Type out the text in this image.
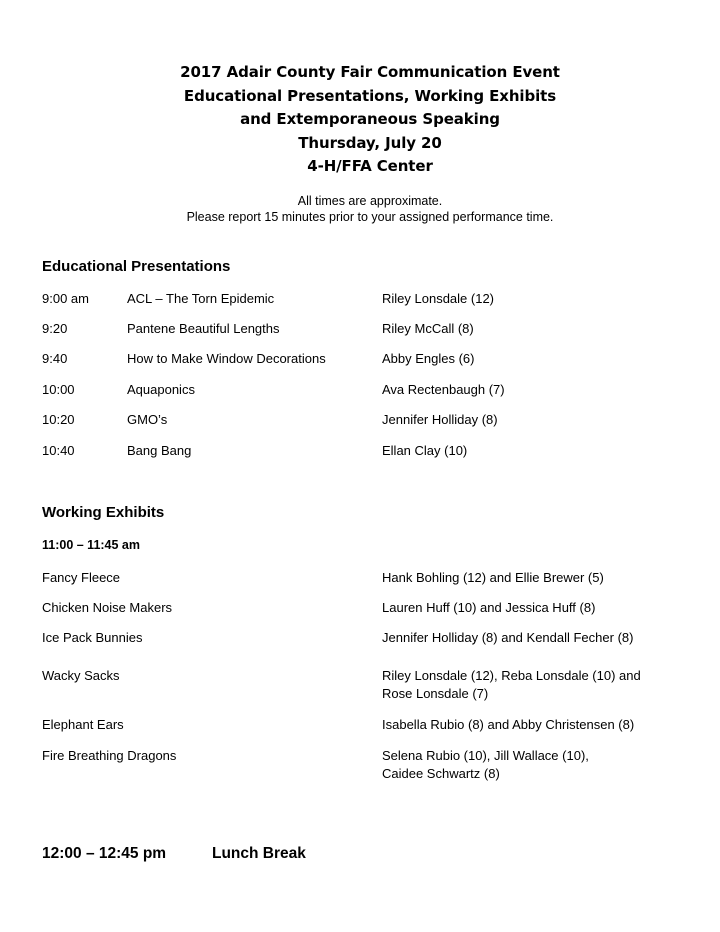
2017 Adair County Fair Communication Event
Educational Presentations, Working Exhibits
and Extemporaneous Speaking
Thursday, July 20
4-H/FFA Center
All times are approximate.
Please report 15 minutes prior to your assigned performance time.
Educational Presentations
9:00 am	ACL – The Torn Epidemic	Riley Lonsdale (12)
9:20	Pantene Beautiful Lengths	Riley McCall (8)
9:40	How to Make Window Decorations	Abby Engles (6)
10:00	Aquaponics	Ava Rectenbaugh (7)
10:20	GMO’s	Jennifer Holliday (8)
10:40	Bang Bang	Ellan Clay (10)
Working Exhibits
11:00 – 11:45 am
Fancy Fleece	Hank Bohling (12) and Ellie Brewer (5)
Chicken Noise Makers	Lauren Huff (10) and Jessica Huff (8)
Ice Pack Bunnies	Jennifer Holliday (8) and Kendall Fecher (8)
Wacky Sacks	Riley Lonsdale (12), Reba Lonsdale (10) and
Rose Lonsdale (7)
Elephant Ears	Isabella Rubio (8) and Abby Christensen (8)
Fire Breathing Dragons	Selena Rubio (10), Jill Wallace (10),
Caidee Schwartz (8)
12:00 – 12:45 pm	Lunch Break
